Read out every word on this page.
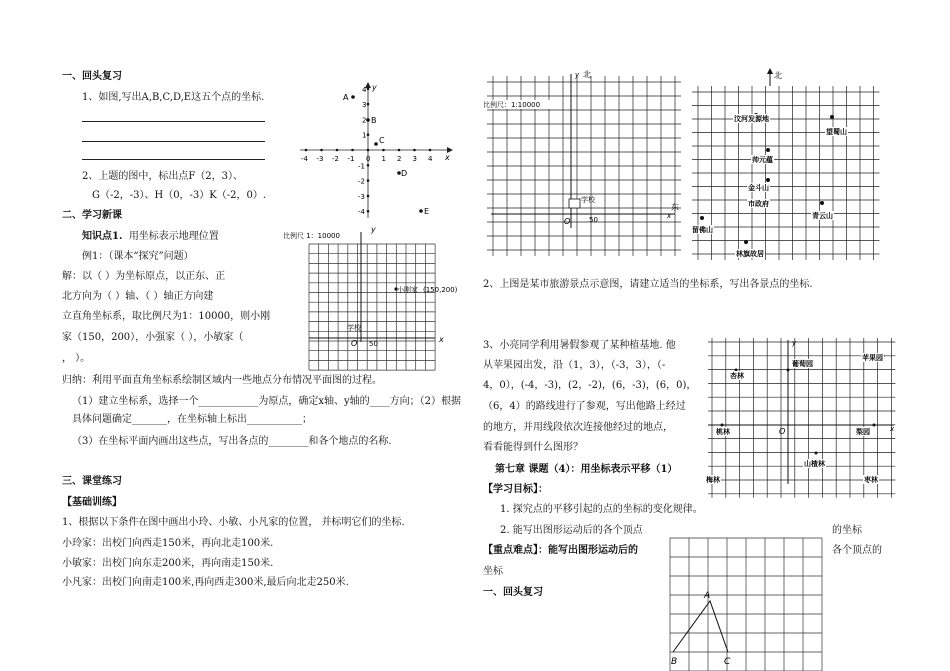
一、回头复习
1、如图,写出A,B,C,D,E这五个点的坐标.
2、上题的图中，标出点F（2，3）、
G（-2，-3）、H（0，-3）K（-2，0）.
二、学习新课
知识点1. 用坐标表示地理位置
例1：（课本“探究”问题）
解：以（ ）为坐标原点，以正东、正
北方向为（ ）轴、（ ）轴正方向建
立直角坐标系，取比例尺为1：10000，则小刚
家（150，200），小强家（ ），小敏家（
， ）。
归纳：利用平面直角坐标系绘制区域内一些地点分布情况平面图的过程。
（1）建立坐标系，选择一个____________为原点，确定x轴、y轴的____方向；（2）根据
具体问题确定_______，在坐标轴上标出___________；
（3）在坐标平面内画出这些点，写出各点的________和各个地点的名称.
三、课堂练习
【基础训练】
1、根据以下条件在图中画出小玲、小敏、小凡家的位置， 并标明它们的坐标.
小玲家：出校门向西走150米，再向北走100米.
小敏家：出校门向东走200米，再向南走150米.
小凡家：出校门向南走100米,再向西走300米,最后向北走250米.
-4 -3 -2 -1 0 1 2 3 4
4
3
2
1
-1
-2
-3
-4
x
y
A
B
C
D
E
比例尺 1：10000
y
x
小刚家 (150,200)
学校
O 50
y 北
x
东
比例尺：1:10000
学校
O	50
北
汶河发源地
望蜀山
帅元蕴
金斗山
市政府
青云山
留佛山
林旗故居
2、上图是某市旅游景点示意图，请建立适当的坐标系，写出各景点的坐标.
3、小亮同学利用暑假参观了某种植基地. 他
从苹果园出发，沿（1，3），（-3，3），（-
4，0），(-4，-3)，(2，-2)，(6，-3)，(6，0)，
（6，4）的路线进行了参观，写出他路上经过
的地方，并用线段依次连接他经过的地点，
看看能得到什么图形？
第七章 课题（4）：用坐标表示平移（1）
【学习目标】：
1. 探究点的平移引起的点的坐标的变化规律。
2. 能写出图形运动后的各个顶点	的坐标
【重点难点】：能写出图形运动后的	各个顶点的
坐标
一、回头复习
y
x
O
苹果园
杏林
葡萄园
桃林	梨园
山楂林
梅林	枣林
A
B	C
